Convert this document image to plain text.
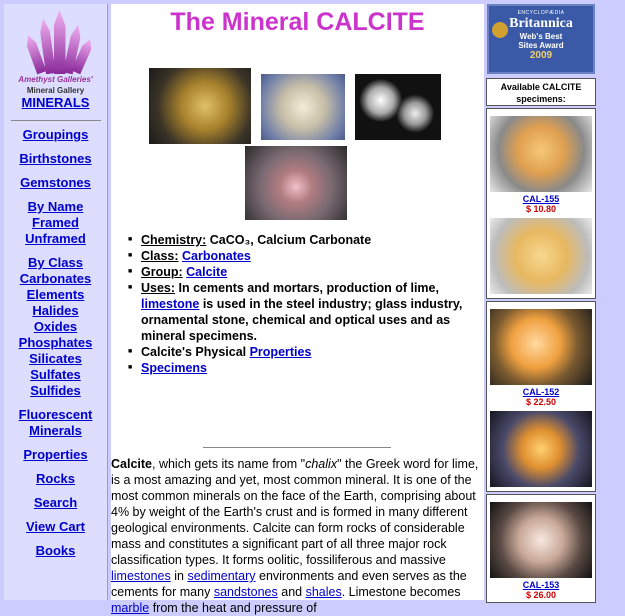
Amethyst Galleries'
Mineral Gallery
MINERALS
Groupings
Birthstones
Gemstones
By Name
Framed
Unframed
By Class
Carbonates
Elements
Halides
Oxides
Phosphates
Silicates
Sulfates
Sulfides
Fluorescent
Minerals
Properties
Rocks
Search
View Cart
Books
The Mineral CALCITE
■ Chemistry: CaCO₃, Calcium Carbonate
■ Class: Carbonates
■ Group: Calcite
■ Uses: In cements and mortars, production of lime, limestone is used in the steel industry; glass industry, ornamental stone, chemical and optical uses and as mineral specimens.
■ Calcite's Physical Properties
■ Specimens

Calcite, which gets its name from "chalix" the Greek word for lime, is a most amazing and yet, most common mineral. It is one of the most common minerals on the face of the Earth, comprising about 4% by weight of the Earth's crust and is formed in many different geological environments. Calcite can form rocks of considerable mass and constitutes a significant part of all three major rock classification types. It forms oolitic, fossiliferous and massive limestones in sedimentary environments and even serves as the cements for many sandstones and shales. Limestone becomes marble from the heat and pressure of

ENCYCLOPÆDIA
Britannica
Web's Best
Sites Award
2009
Available CALCITE specimens:
CAL-155
$ 10.80
CAL-152
$ 22.50
CAL-153
$ 26.00
